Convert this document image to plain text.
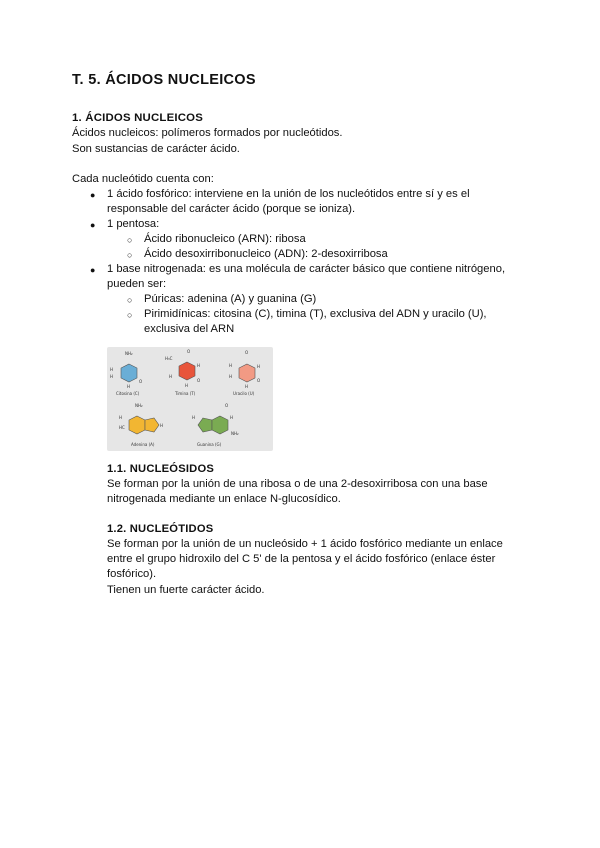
T. 5. ÁCIDOS NUCLEICOS
1. ÁCIDOS NUCLEICOS
Ácidos nucleicos: polímeros formados por nucleótidos.
Son sustancias de carácter ácido.
Cada nucleótido cuenta con:
● 1 ácido fosfórico: interviene en la unión de los nucleótidos entre sí y es el
responsable del carácter ácido (porque se ioniza).
● 1 pentosa:
○ Ácido ribonucleico (ARN): ribosa
○ Ácido desoxirribonucleico (ADN): 2-desoxirribosa
● 1 base nitrogenada: es una molécula de carácter básico que contiene nitrógeno,
pueden ser:
○ Púricas: adenina (A) y guanina (G)
○ Pirimidínicas: citosina (C), timina (T), exclusiva del ADN y uracilo (U),
exclusiva del ARN
NH₂
H
H
O
H
Citosina (C)
O
H₃C
H
H
O
H
Timina (T)
O
H	H
H
O
H
Uracilo (U)
NH₂
H
HC	H
Adenina (A)
O
H	H
NH₂
Guanina (G)
1.1. NUCLEÓSIDOS
Se forman por la unión de una ribosa o de una 2-desoxirribosa con una base
nitrogenada mediante un enlace N-glucosídico.
1.2. NUCLEÓTIDOS
Se forman por la unión de un nucleósido + 1 ácido fosfórico mediante un enlace
entre el grupo hidroxilo del C 5' de la pentosa y el ácido fosfórico (enlace éster
fosfórico).
Tienen un fuerte carácter ácido.
